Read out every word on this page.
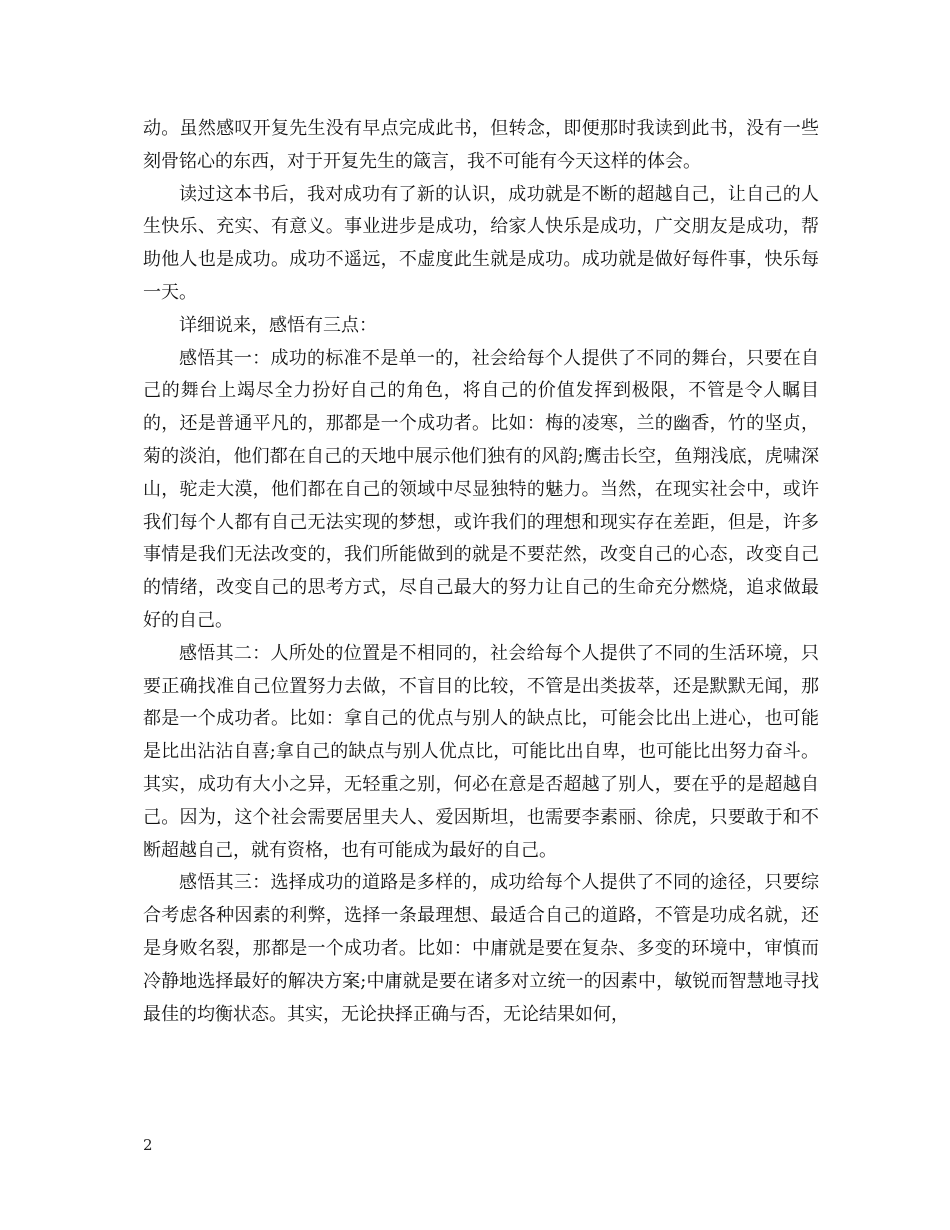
动。虽然感叹开复先生没有早点完成此书，但转念，即便那时我读到此书，没有一些刻骨铭心的东西，对于开复先生的箴言，我不可能有今天这样的体会。

读过这本书后，我对成功有了新的认识，成功就是不断的超越自己，让自己的人生快乐、充实、有意义。事业进步是成功，给家人快乐是成功，广交朋友是成功，帮助他人也是成功。成功不遥远，不虚度此生就是成功。成功就是做好每件事，快乐每一天。

详细说来，感悟有三点：

感悟其一：成功的标准不是单一的，社会给每个人提供了不同的舞台，只要在自己的舞台上竭尽全力扮好自己的角色，将自己的价值发挥到极限，不管是令人瞩目的，还是普通平凡的，那都是一个成功者。比如：梅的凌寒，兰的幽香，竹的坚贞，菊的淡泊，他们都在自己的天地中展示他们独有的风韵;鹰击长空，鱼翔浅底，虎啸深山，驼走大漠，他们都在自己的领域中尽显独特的魅力。当然，在现实社会中，或许我们每个人都有自己无法实现的梦想，或许我们的理想和现实存在差距，但是，许多事情是我们无法改变的，我们所能做到的就是不要茫然，改变自己的心态，改变自己的情绪，改变自己的思考方式，尽自己最大的努力让自己的生命充分燃烧，追求做最好的自己。

感悟其二：人所处的位置是不相同的，社会给每个人提供了不同的生活环境，只要正确找准自己位置努力去做，不盲目的比较，不管是出类拔萃，还是默默无闻，那都是一个成功者。比如：拿自己的优点与别人的缺点比，可能会比出上进心，也可能是比出沾沾自喜;拿自己的缺点与别人优点比，可能比出自卑，也可能比出努力奋斗。其实，成功有大小之异，无轻重之别，何必在意是否超越了别人，要在乎的是超越自己。因为，这个社会需要居里夫人、爱因斯坦，也需要李素丽、徐虎，只要敢于和不断超越自己，就有资格，也有可能成为最好的自己。

感悟其三：选择成功的道路是多样的，成功给每个人提供了不同的途径，只要综合考虑各种因素的利弊，选择一条最理想、最适合自己的道路，不管是功成名就，还是身败名裂，那都是一个成功者。比如：中庸就是要在复杂、多变的环境中，审慎而冷静地选择最好的解决方案;中庸就是要在诸多对立统一的因素中，敏锐而智慧地寻找最佳的均衡状态。其实，无论抉择正确与否，无论结果如何，

2
